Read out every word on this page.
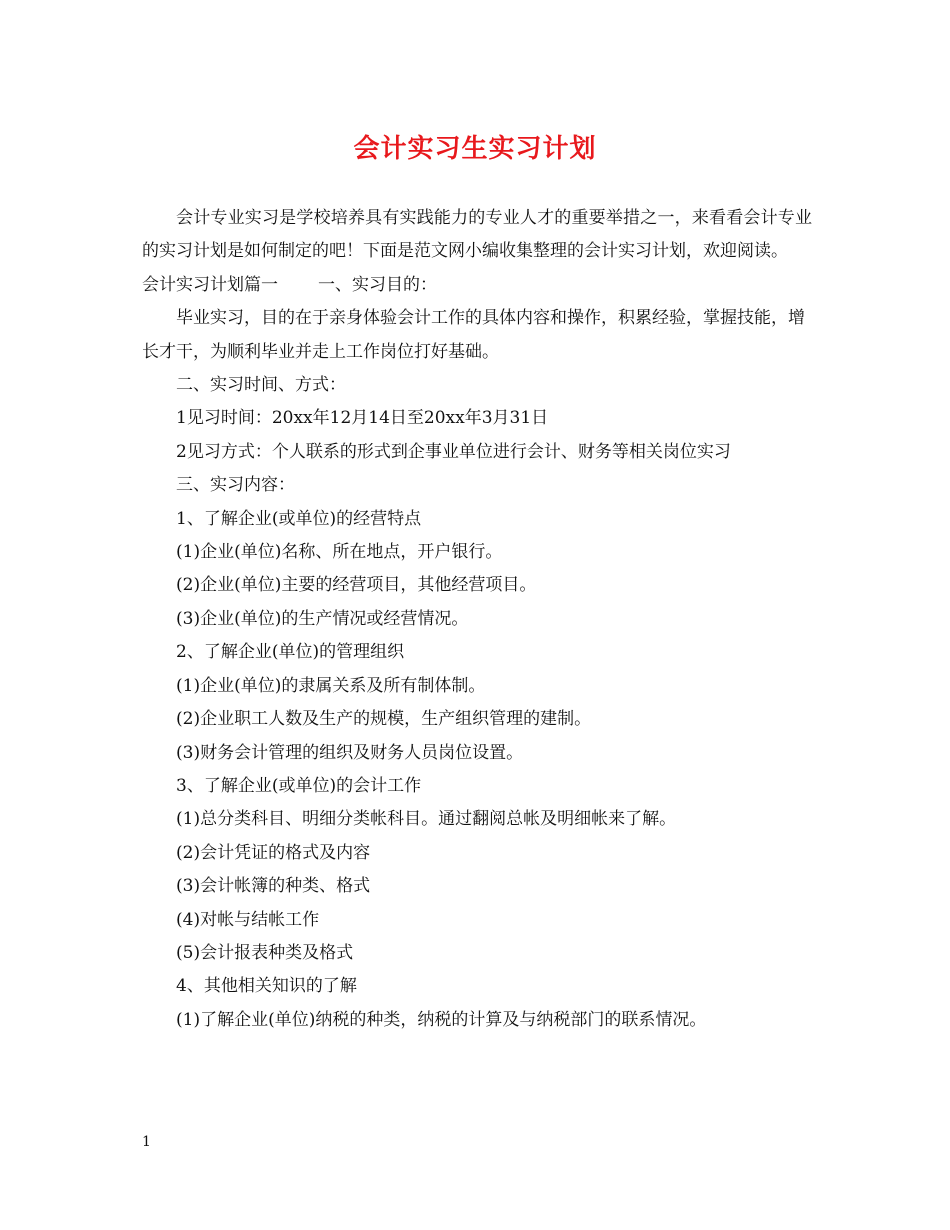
会计实习生实习计划

会计专业实习是学校培养具有实践能力的专业人才的重要举措之一，来看看会计专业的实习计划是如何制定的吧！下面是范文网小编收集整理的会计实习计划，欢迎阅读。

会计实习计划篇一 一、实习目的：

毕业实习，目的在于亲身体验会计工作的具体内容和操作，积累经验，掌握技能，增长才干，为顺利毕业并走上工作岗位打好基础。

二、实习时间、方式：

1见习时间：20xx年12月14日至20xx年3月31日

2见习方式：个人联系的形式到企事业单位进行会计、财务等相关岗位实习

三、实习内容：

1、了解企业(或单位)的经营特点

(1)企业(单位)名称、所在地点，开户银行。

(2)企业(单位)主要的经营项目，其他经营项目。

(3)企业(单位)的生产情况或经营情况。

2、了解企业(单位)的管理组织

(1)企业(单位)的隶属关系及所有制体制。

(2)企业职工人数及生产的规模，生产组织管理的建制。

(3)财务会计管理的组织及财务人员岗位设置。

3、了解企业(或单位)的会计工作

(1)总分类科目、明细分类帐科目。通过翻阅总帐及明细帐来了解。

(2)会计凭证的格式及内容

(3)会计帐簿的种类、格式

(4)对帐与结帐工作

(5)会计报表种类及格式

4、其他相关知识的了解

(1)了解企业(单位)纳税的种类，纳税的计算及与纳税部门的联系情况。

1
